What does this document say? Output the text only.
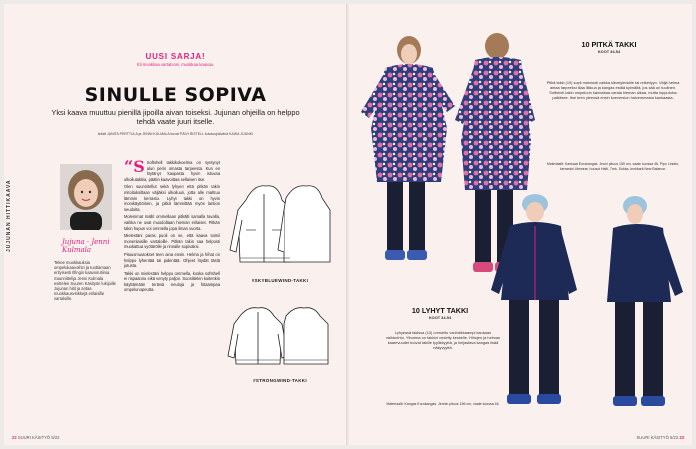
UUSI SARJA!
Eli muokkaa vartaloosi, muokkaa kaavaa.
SINULLE SOPIVA
Yksi kaava muuttuu pienillä jipoilla aivan toiseksi. Jujunan ohjeilla on helppo tehdä vaate juuri itselle.
teksti JANITA PERTTULA ja JENNI KULMALA kuvat PÄIVI RISTELL kuvauspäivänä KAISA JOUNKI
JUJUNAN HITTIKAAVA	Jujuna · Jenni Kulmala
Tekee muokkauksia ompelukaavoihin ja tuottamaan erityisesti Ilfingin kaaviorutiinia. Suunnittelija Jenni Kulmala esittelee Suuren Käsityön lukijoille Jujunan hitit ja antaa muokkausvinkkejä erilaisille vartaloille.
“S Softshell takkikokoelma on syntynyt alun perin omasta tarpeesta. Kun en löytänyt kaupasta hyvin istuvaa ulkoilutakkia, päätin kaavoittaa sellaisen itse.

Olen suunnitellut sekä lyhyen että pitkän takin mitoituksiltaan väljäksi ulkoiluun, jotta alle mahtuu lämmin kerrasto. Lyhyt takki on hyvin monikäyttöinen, ja pitkä lämmittää myös lantion seudulta.

Molemmat mallit ommellaan pitkälti samalla tavalla, vaikka ne ovat muodoltaan hieman erilaiset. Pitkän takin hupun voi ommella jopa ilman vuorta.

Mielestäni paras puoli on se, että kaava toimii monenlaisille vartaloille. Pitkän takin saa helposti muokattua vyötärölle ja rinnalle sopivaksi.

Pituusmuutokset teen aina ensin. Helma ja hihat on helppo lyhentää tai pidentää. Ohjeet löydät tästä jutusta.

Takki on mielestäni helppo ommella, koska softshell ei rispaannu eikä venyty paljon. Suosittelen kuitenkin käyttämään teräviä neuloja ja hitaampaa ompelunopeutta.

#SKYBLUEWIND-TAKKI
#STRONGWIND-TAKKI
22 SUURI KÄSITYÖ 5/22
10 PITKÄ TAKKI
KOOT 34-54
Pitkä takki (10) sopii mainiosti vaikka kävelylenkille tai retkeilyyn. Väljä helma antaa tarpeeksi tilaa liikkua ja kangas estää kylmältä, jos sää on tuulinen. Softshell-takin ompeluun kannattaa varata hieman aikaa, mutta lopputulos palkitsee. Itse teen yleensä ensin koeversion halvemmasta kankaasta.
Materiaalit: Kankaat Eurokangas. Jenni pituus 159 cm, vaate koossa 46. Pipo Lindex, kerrastot Lifewear, housut Halti, Trek, Sukka, lenkkarit New Balance.
10 LYHYT TAKKI
KOOT 34-54
Lyhyessä takissa (10) ommeltu vauhdikkaampi kankaan vaihtoehto. Ylivoima on takkini vedetty keskelle. Hihojen ja helman kaarevuudet tuovat takille tyylikkyyttä, ja heijastava kangas lisää näkyvyyttä.
Materiaalit: Kangas Eurokangas. Jennin pituus 159 cm, vaate koossa 46.
SUURI KÄSITYÖ 5/22 23
